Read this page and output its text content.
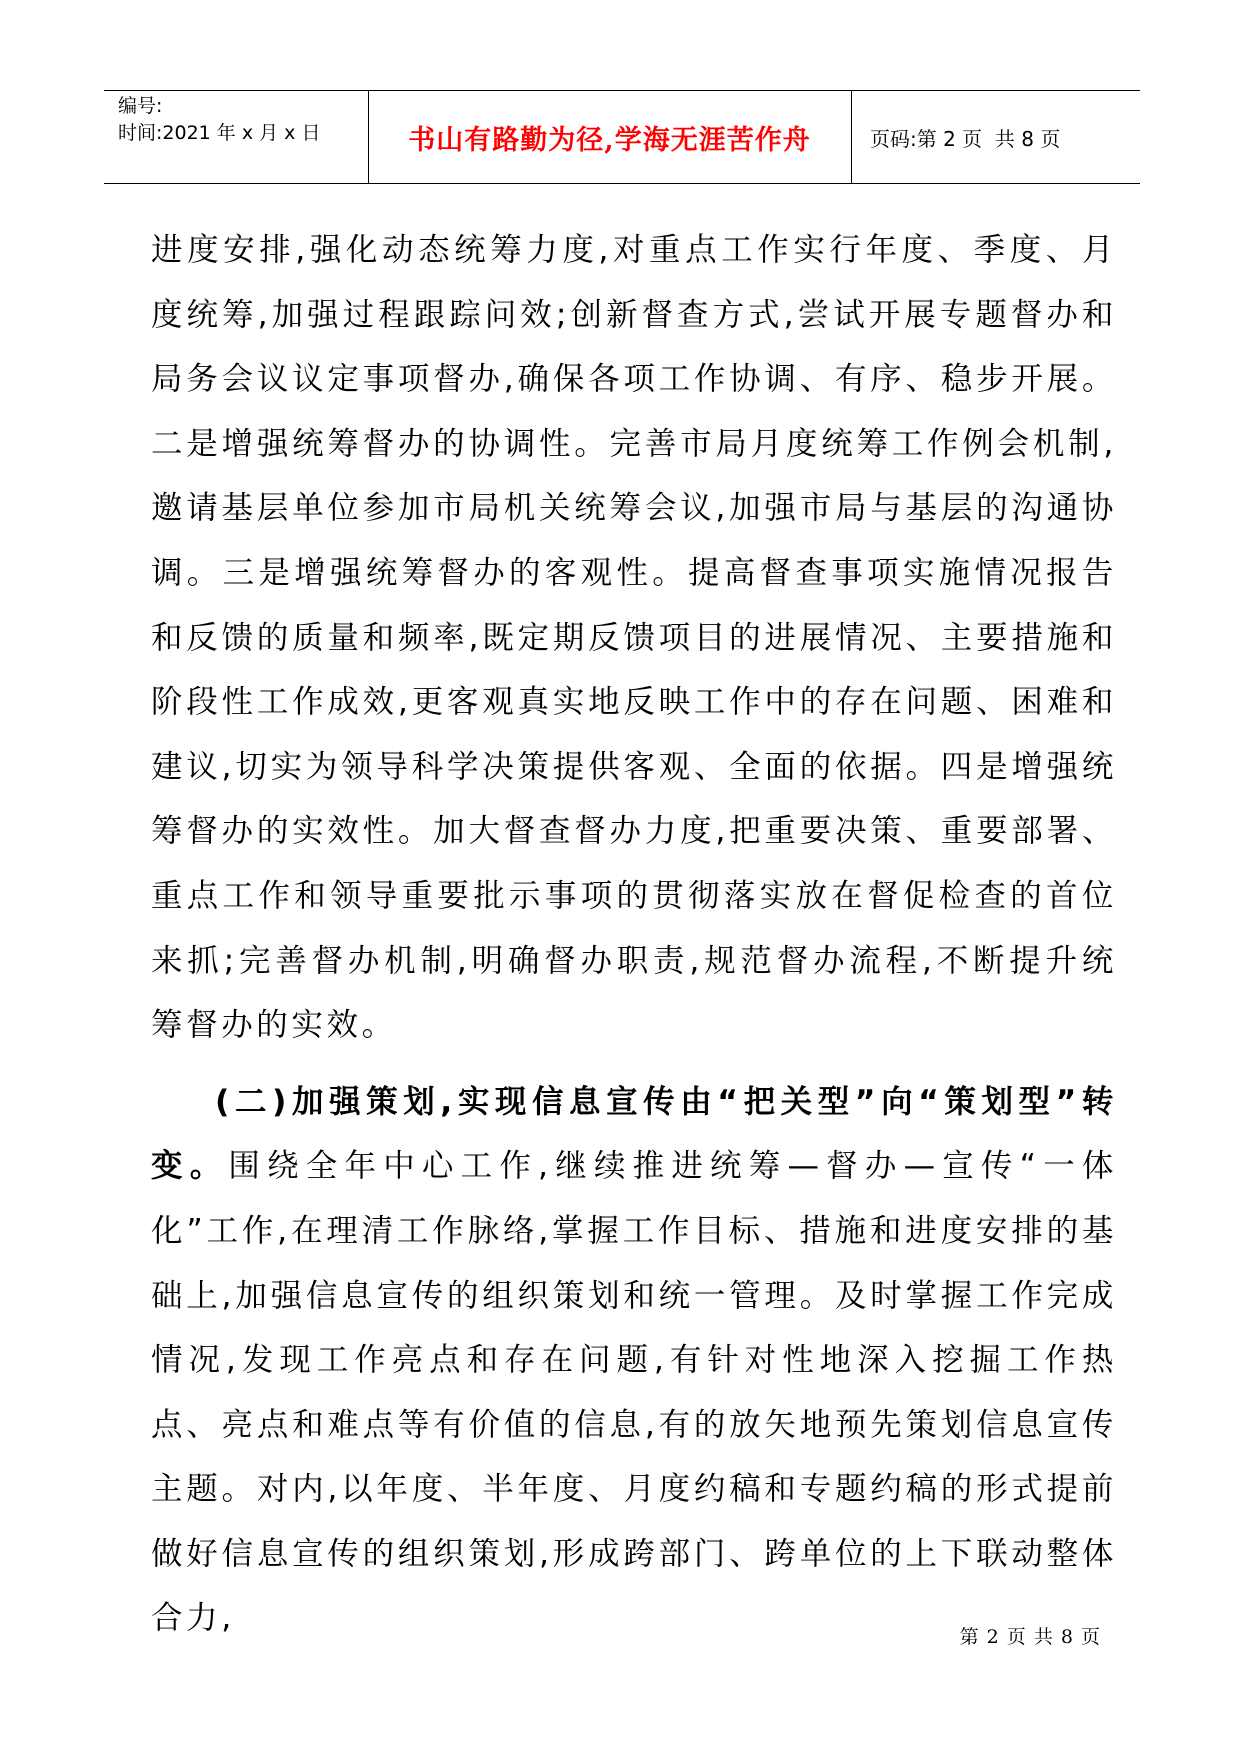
编号:
时间:2021 年 x 月 x 日	书山有路勤为径,学海无涯苦作舟	页码:第 2 页  共 8 页

进度安排,强化动态统筹力度,对重点工作实行年度、季度、月度统筹,加强过程跟踪问效;创新督查方式,尝试开展专题督办和局务会议议定事项督办,确保各项工作协调、有序、稳步开展。二是增强统筹督办的协调性。完善市局月度统筹工作例会机制,邀请基层单位参加市局机关统筹会议,加强市局与基层的沟通协调。三是增强统筹督办的客观性。提高督查事项实施情况报告和反馈的质量和频率,既定期反馈项目的进展情况、主要措施和阶段性工作成效,更客观真实地反映工作中的存在问题、困难和建议,切实为领导科学决策提供客观、全面的依据。四是增强统筹督办的实效性。加大督查督办力度,把重要决策、重要部署、重点工作和领导重要批示事项的贯彻落实放在督促检查的首位来抓;完善督办机制,明确督办职责,规范督办流程,不断提升统筹督办的实效。

(二)加强策划,实现信息宣传由“把关型”向“策划型”转变。围绕全年中心工作,继续推进统筹—督办—宣传“一体化”工作,在理清工作脉络,掌握工作目标、措施和进度安排的基础上,加强信息宣传的组织策划和统一管理。及时掌握工作完成情况,发现工作亮点和存在问题,有针对性地深入挖掘工作热点、亮点和难点等有价值的信息,有的放矢地预先策划信息宣传主题。对内,以年度、半年度、月度约稿和专题约稿的形式提前做好信息宣传的组织策划,形成跨部门、跨单位的上下联动整体合力,

第 2 页 共 8 页
